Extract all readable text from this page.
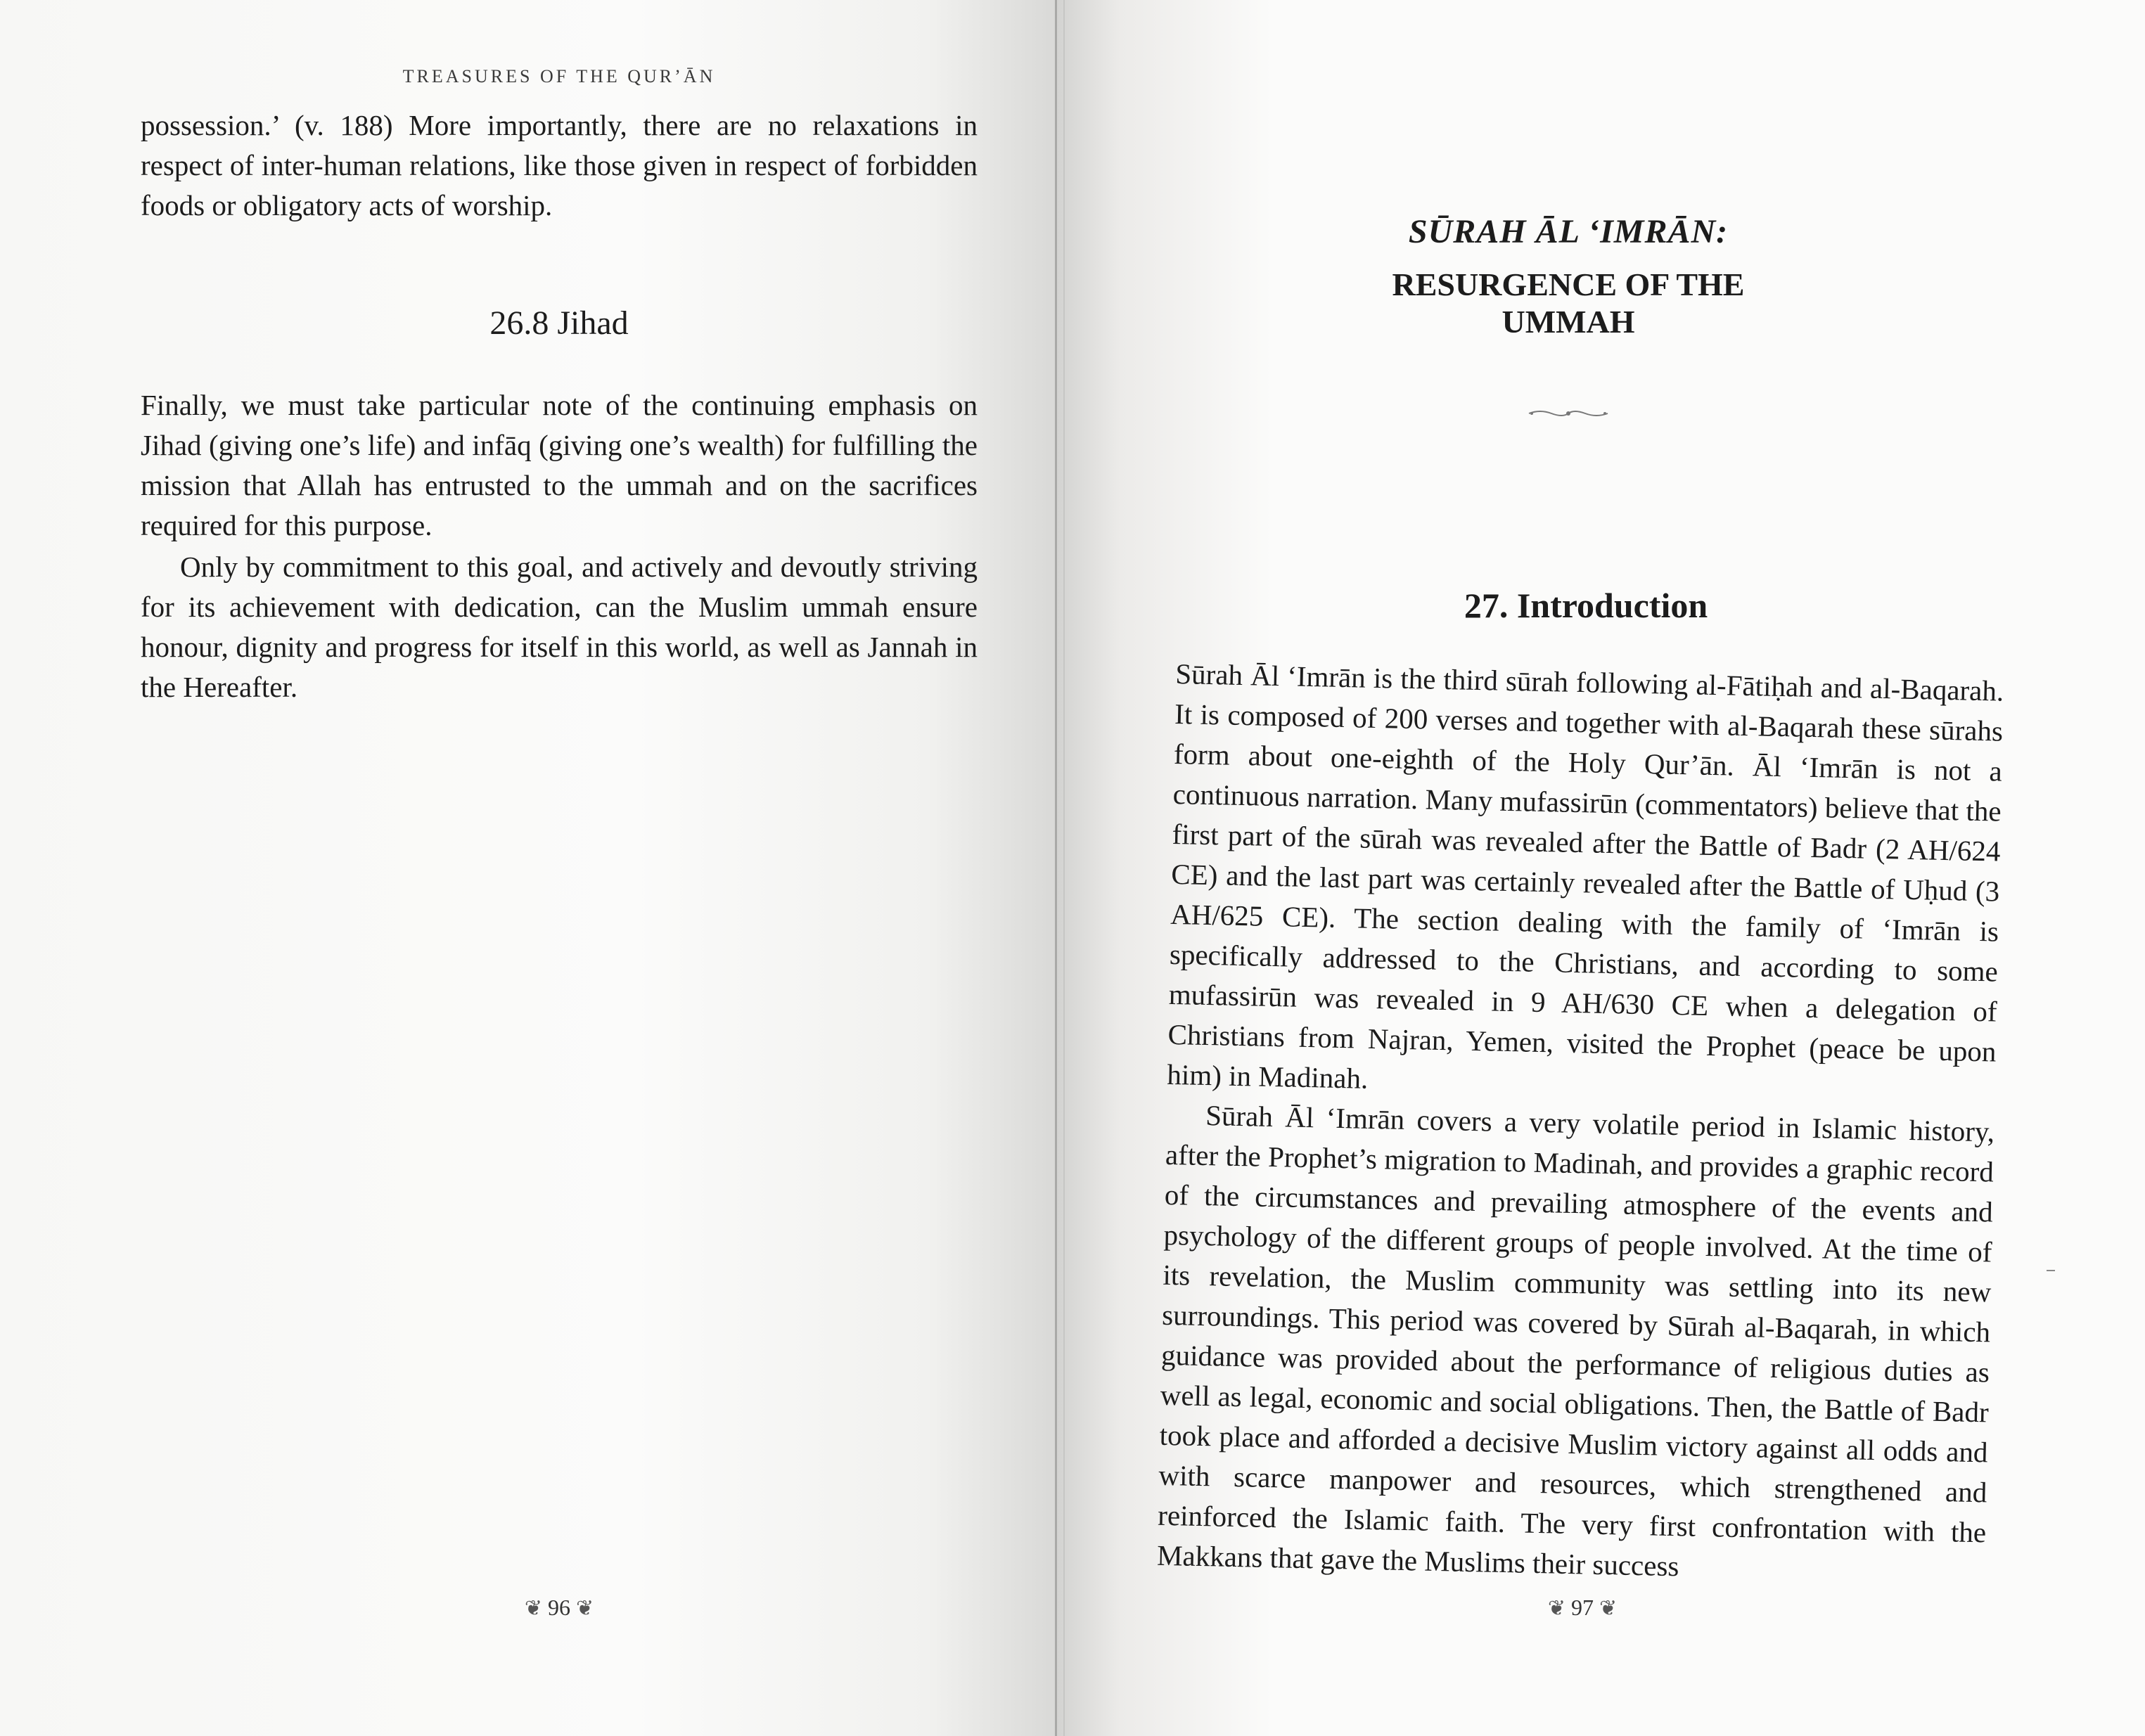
TREASURES OF THE QUR’ĀN

possession.’ (v. 188) More importantly, there are no relaxations in respect of inter-human relations, like those given in respect of forbidden foods or obligatory acts of worship.

26.8 Jihad

Finally, we must take particular note of the continuing emphasis on Jihad (giving one’s life) and infāq (giving one’s wealth) for fulfilling the mission that Allah has entrusted to the ummah and on the sacrifices required for this purpose.

Only by commitment to this goal, and actively and devoutly striving for its achievement with dedication, can the Muslim ummah ensure honour, dignity and progress for itself in this world, as well as Jannah in the Hereafter.

❦ 96 ❦
SŪRAH ĀL ‘IMRĀN:
RESURGENCE OF THE UMMAH
27. Introduction

Sūrah Āl ‘Imrān is the third sūrah following al-Fātiḥah and al-Baqarah. It is composed of 200 verses and together with al-Baqarah these sūrahs form about one-eighth of the Holy Qur’ān. Āl ‘Imrān is not a continuous narration. Many mufassirūn (commentators) believe that the first part of the sūrah was revealed after the Battle of Badr (2 AH/624 CE) and the last part was certainly revealed after the Battle of Uḥud (3 AH/625 CE). The section dealing with the family of ‘Imrān is specifically addressed to the Christians, and according to some mufassirūn was revealed in 9 AH/630 CE when a delegation of Christians from Najran, Yemen, visited the Prophet (peace be upon him) in Madinah.

Sūrah Āl ‘Imrān covers a very volatile period in Islamic history, after the Prophet’s migration to Madinah, and provides a graphic record of the circumstances and prevailing atmosphere of the events and psychology of the different groups of people involved. At the time of its revelation, the Muslim community was settling into its new surroundings. This period was covered by Sūrah al-Baqarah, in which guidance was provided about the performance of religious duties as well as legal, economic and social obligations. Then, the Battle of Badr took place and afforded a decisive Muslim victory against all odds and with scarce manpower and resources, which strengthened and reinforced the Islamic faith. The very first confrontation with the Makkans that gave the Muslims their success

❦ 97 ❦
